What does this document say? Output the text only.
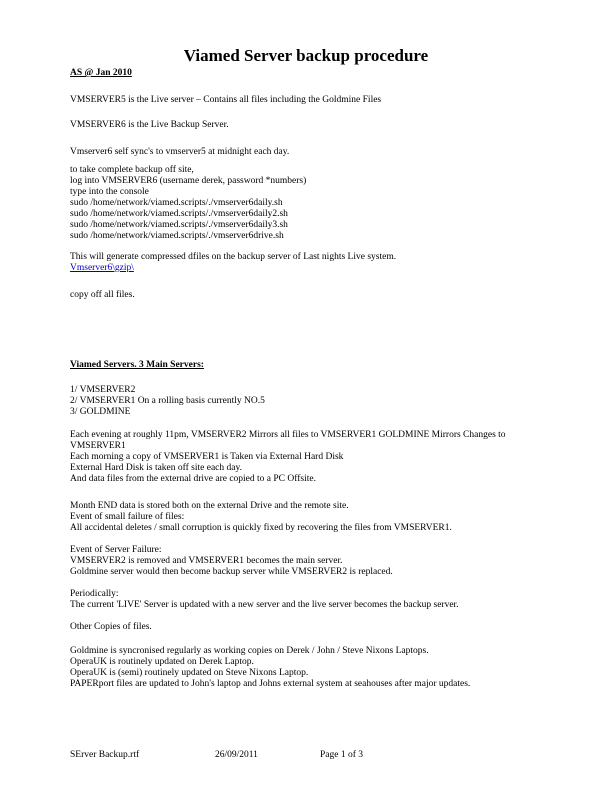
Viamed Server backup procedure

AS @ Jan 2010

VMSERVER5 is the Live server – Contains all files including the Goldmine Files

VMSERVER6 is the Live Backup Server.

Vmserver6 self sync's to vmserver5 at midnight each day.

to take complete backup off site,

log into VMSERVER6 (username derek, password *numbers)

type into the console

sudo /home/network/viamed.scripts/./vmserver6daily.sh

sudo /home/network/viamed.scripts/./vmserver6daily2.sh

sudo /home/network/viamed.scripts/./vmserver6daily3.sh

sudo /home/network/viamed.scripts/./vmserver6drive.sh

This will generate compressed dfiles on the backup server of Last nights Live system.

Vmserver6\gzip\

copy off all files.

Viamed Servers. 3 Main Servers:

1/ VMSERVER2

2/ VMSERVER1 On a rolling basis currently NO.5

3/ GOLDMINE

Each evening at roughly 11pm, VMSERVER2 Mirrors all files to VMSERVER1 GOLDMINE Mirrors Changes to VMSERVER1

Each morning a copy of VMSERVER1 is Taken via External Hard Disk

External Hard Disk is taken off site each day.

And data files from the external drive are copied to a PC Offsite.

Month END data is stored both on the external Drive and the remote site.

Event of small failure of files:

All accidental deletes / small corruption is quickly fixed by recovering the files from VMSERVER1.

Event of Server Failure:

VMSERVER2 is removed and VMSERVER1 becomes the main server.

Goldmine server would then become backup server while VMSERVER2 is replaced.

Periodically:

The current 'LIVE' Server is updated with a new server and the live server becomes the backup server.

Other Copies of files.

Goldmine is syncronised regularly as working copies on Derek / John / Steve Nixons Laptops.

OperaUK is routinely updated on Derek Laptop.

OperaUK is (semi) routinely updated on Steve Nixons Laptop.

PAPERport files are updated to John's laptop and Johns external system at seahouses after major updates.

SErver Backup.rtf	26/09/2011	Page 1 of 3
